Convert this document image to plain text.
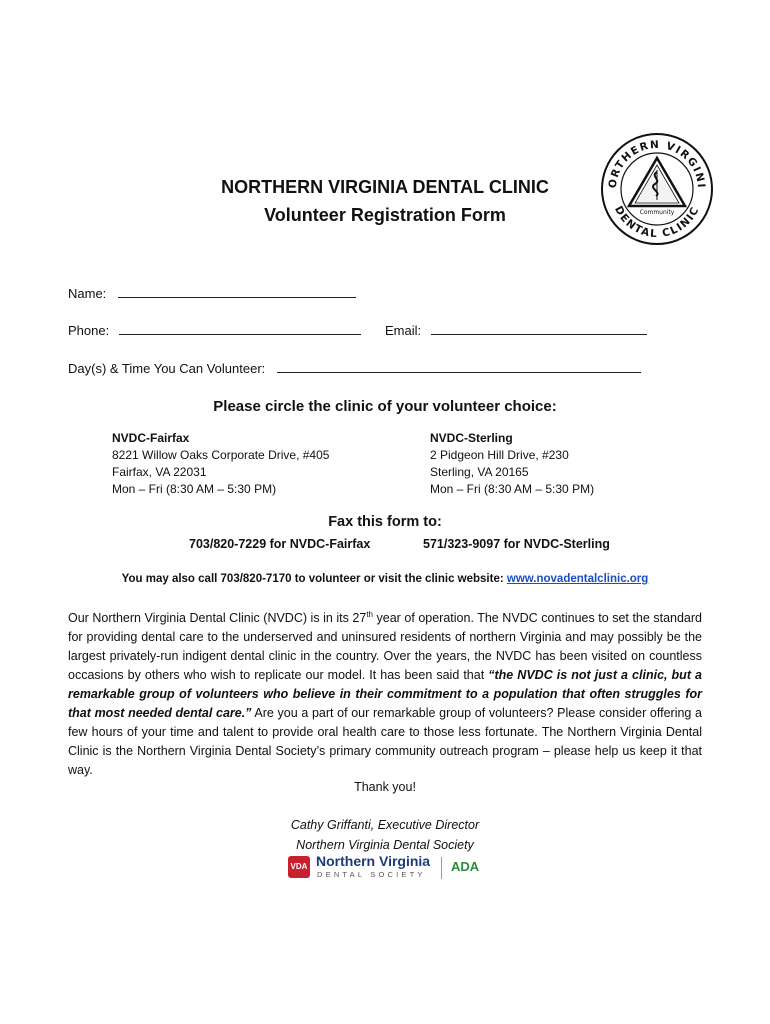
ORTHERN VIRGINI
DENTAL CLINIC
Community
NORTHERN VIRGINIA DENTAL CLINIC
Volunteer Registration Form
Name:
Phone:	Email:
Day(s) & Time You Can Volunteer:
Please circle the clinic of your volunteer choice:
NVDC-Fairfax
8221 Willow Oaks Corporate Drive, #405
Fairfax, VA 22031
Mon – Fri (8:30 AM – 5:30 PM)
NVDC-Sterling
2 Pidgeon Hill Drive, #230
Sterling, VA 20165
Mon – Fri (8:30 AM – 5:30 PM)
Fax this form to:
703/820-7229 for NVDC-Fairfax	571/323-9097 for NVDC-Sterling
You may also call 703/820-7170 to volunteer or visit the clinic website: www.novadentalclinic.org
Our Northern Virginia Dental Clinic (NVDC) is in its 27th year of operation. The NVDC continues to set the standard for providing dental care to the underserved and uninsured residents of northern Virginia and may possibly be the largest privately-run indigent dental clinic in the country. Over the years, the NVDC has been visited on countless occasions by others who wish to replicate our model. It has been said that “the NVDC is not just a clinic, but a remarkable group of volunteers who believe in their commitment to a population that often struggles for that most needed dental care.” Are you a part of our remarkable group of volunteers? Please consider offering a few hours of your time and talent to provide oral health care to those less fortunate. The Northern Virginia Dental Clinic is the Northern Virginia Dental Society’s primary community outreach program – please help us keep it that way.
Thank you!
Cathy Griffanti, Executive Director
Northern Virginia Dental Society
VDA Northern Virginia
DENTAL SOCIETY
ADA
